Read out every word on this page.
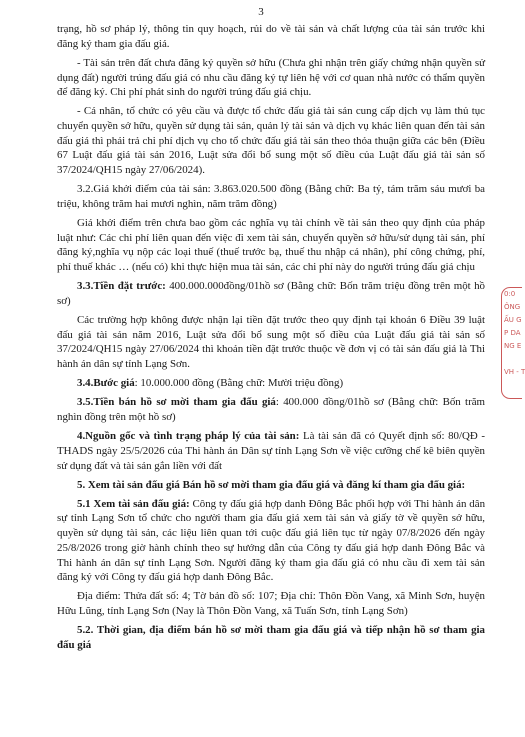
3

trạng, hồ sơ pháp lý, thông tin quy hoạch, rủi do về tài sản và chất lượng của tài sản trước khi đăng ký tham gia đấu giá.

- Tài sản trên đất chưa đăng ký quyền sở hữu (Chưa ghi nhận trên giấy chứng nhận quyền sử dụng đất) người trúng đấu giá có nhu cầu đăng ký tự liên hệ với cơ quan nhà nước có thẩm quyền để đăng ký. Chi phí phát sinh do người trúng đấu giá chịu.

- Cá nhân, tổ chức có yêu cầu và được tổ chức đấu giá tài sản cung cấp dịch vụ làm thủ tục chuyển quyền sở hữu, quyền sử dụng tài sản, quản lý tài sản và dịch vụ khác liên quan đến tài sản đấu giá thì phải trả chi phí dịch vụ cho tổ chức đấu giá tài sản theo thỏa thuận giữa các bên (Điều 67 Luật đấu giá tài sản 2016, Luật sửa đổi bổ sung một số điều của Luật đấu giá tài sản số 37/2024/QH15 ngày 27/06/2024).

3.2.Giá khởi điểm của tài sản: 3.863.020.500 đồng (Bằng chữ: Ba tỷ, tám trăm sáu mươi ba triệu, không trăm hai mươi nghìn, năm trăm đồng)

Giá khởi điểm trên chưa bao gồm các nghĩa vụ tài chính về tài sản theo quy định của pháp luật như: Các chi phí liên quan đến việc đi xem tài sản, chuyển quyền sở hữu/sử dụng tài sản, phí đăng ký,nghĩa vụ nộp các loại thuế (thuế trước bạ, thuế thu nhập cá nhân), phí công chứng, phí, phí thuế khác … (nếu có) khi thực hiện mua tài sản, các chi phí này do người trúng đấu giá chịu

3.3.Tiền đặt trước: 400.000.000đồng/01hồ sơ (Bằng chữ: Bốn trăm triệu đồng trên một hồ sơ)

Các trường hợp không được nhận lại tiền đặt trước theo quy định tại khoản 6 Điều 39 luật đấu giá tài sản năm 2016, Luật sửa đổi bổ sung một số điều của Luật đấu giá tài sản số 37/2024/QH15 ngày 27/06/2024 thì khoản tiền đặt trước thuộc về đơn vị có tài sản đấu giá là Thi hành án dân sự tỉnh Lạng Sơn.

3.4.Bước giá: 10.000.000 đồng (Bằng chữ: Mười triệu đồng)

3.5.Tiền bán hồ sơ mời tham gia đấu giá: 400.000 đồng/01hồ sơ (Bằng chữ: Bốn trăm nghìn đồng trên một hồ sơ)

4.Nguồn gốc và tình trạng pháp lý của tài sản: Là tài sản đã có Quyết định số: 80/QĐ - THADS ngày 25/5/2026 của Thi hành án Dân sự tỉnh Lạng Sơn về việc cưỡng chế kê biên quyền sử dụng đất và tài sản gắn liền với đất

5. Xem tài sản đấu giá Bán hồ sơ mời tham gia đấu giá và đăng kí tham gia đấu giá:

5.1 Xem tài sản đấu giá: Công ty đấu giá hợp danh Đông Bắc phối hợp với Thi hành án dân sự tỉnh Lạng Sơn tổ chức cho người tham gia đấu giá xem tài sản và giấy tờ về quyền sở hữu, quyền sử dụng tài sản, các liệu liên quan tới cuộc đấu giá liên tục từ ngày 07/8/2026 đến ngày 25/8/2026 trong giờ hành chính theo sự hướng dẫn của Công ty đấu giá hợp danh Đông Bắc và Thi hành án dân sự tỉnh Lạng Sơn. Người đăng ký tham gia đấu giá có nhu cầu đi xem tài sản đăng ký với Công ty đấu giá hợp danh Đông Bắc.

Địa điểm: Thửa đất số: 4; Tờ bản đồ số: 107; Địa chỉ: Thôn Đồn Vang, xã Minh Sơn, huyện Hữu Lũng, tỉnh Lạng Sơn (Nay là Thôn Đồn Vang, xã Tuấn Sơn, tỉnh Lạng Sơn)

5.2. Thời gian, địa điểm bán hồ sơ mời tham gia đấu giá và tiếp nhận hồ sơ tham gia đấu giá

0:0
ÔNG
ẤU G
P DA
NG E

VH - T
